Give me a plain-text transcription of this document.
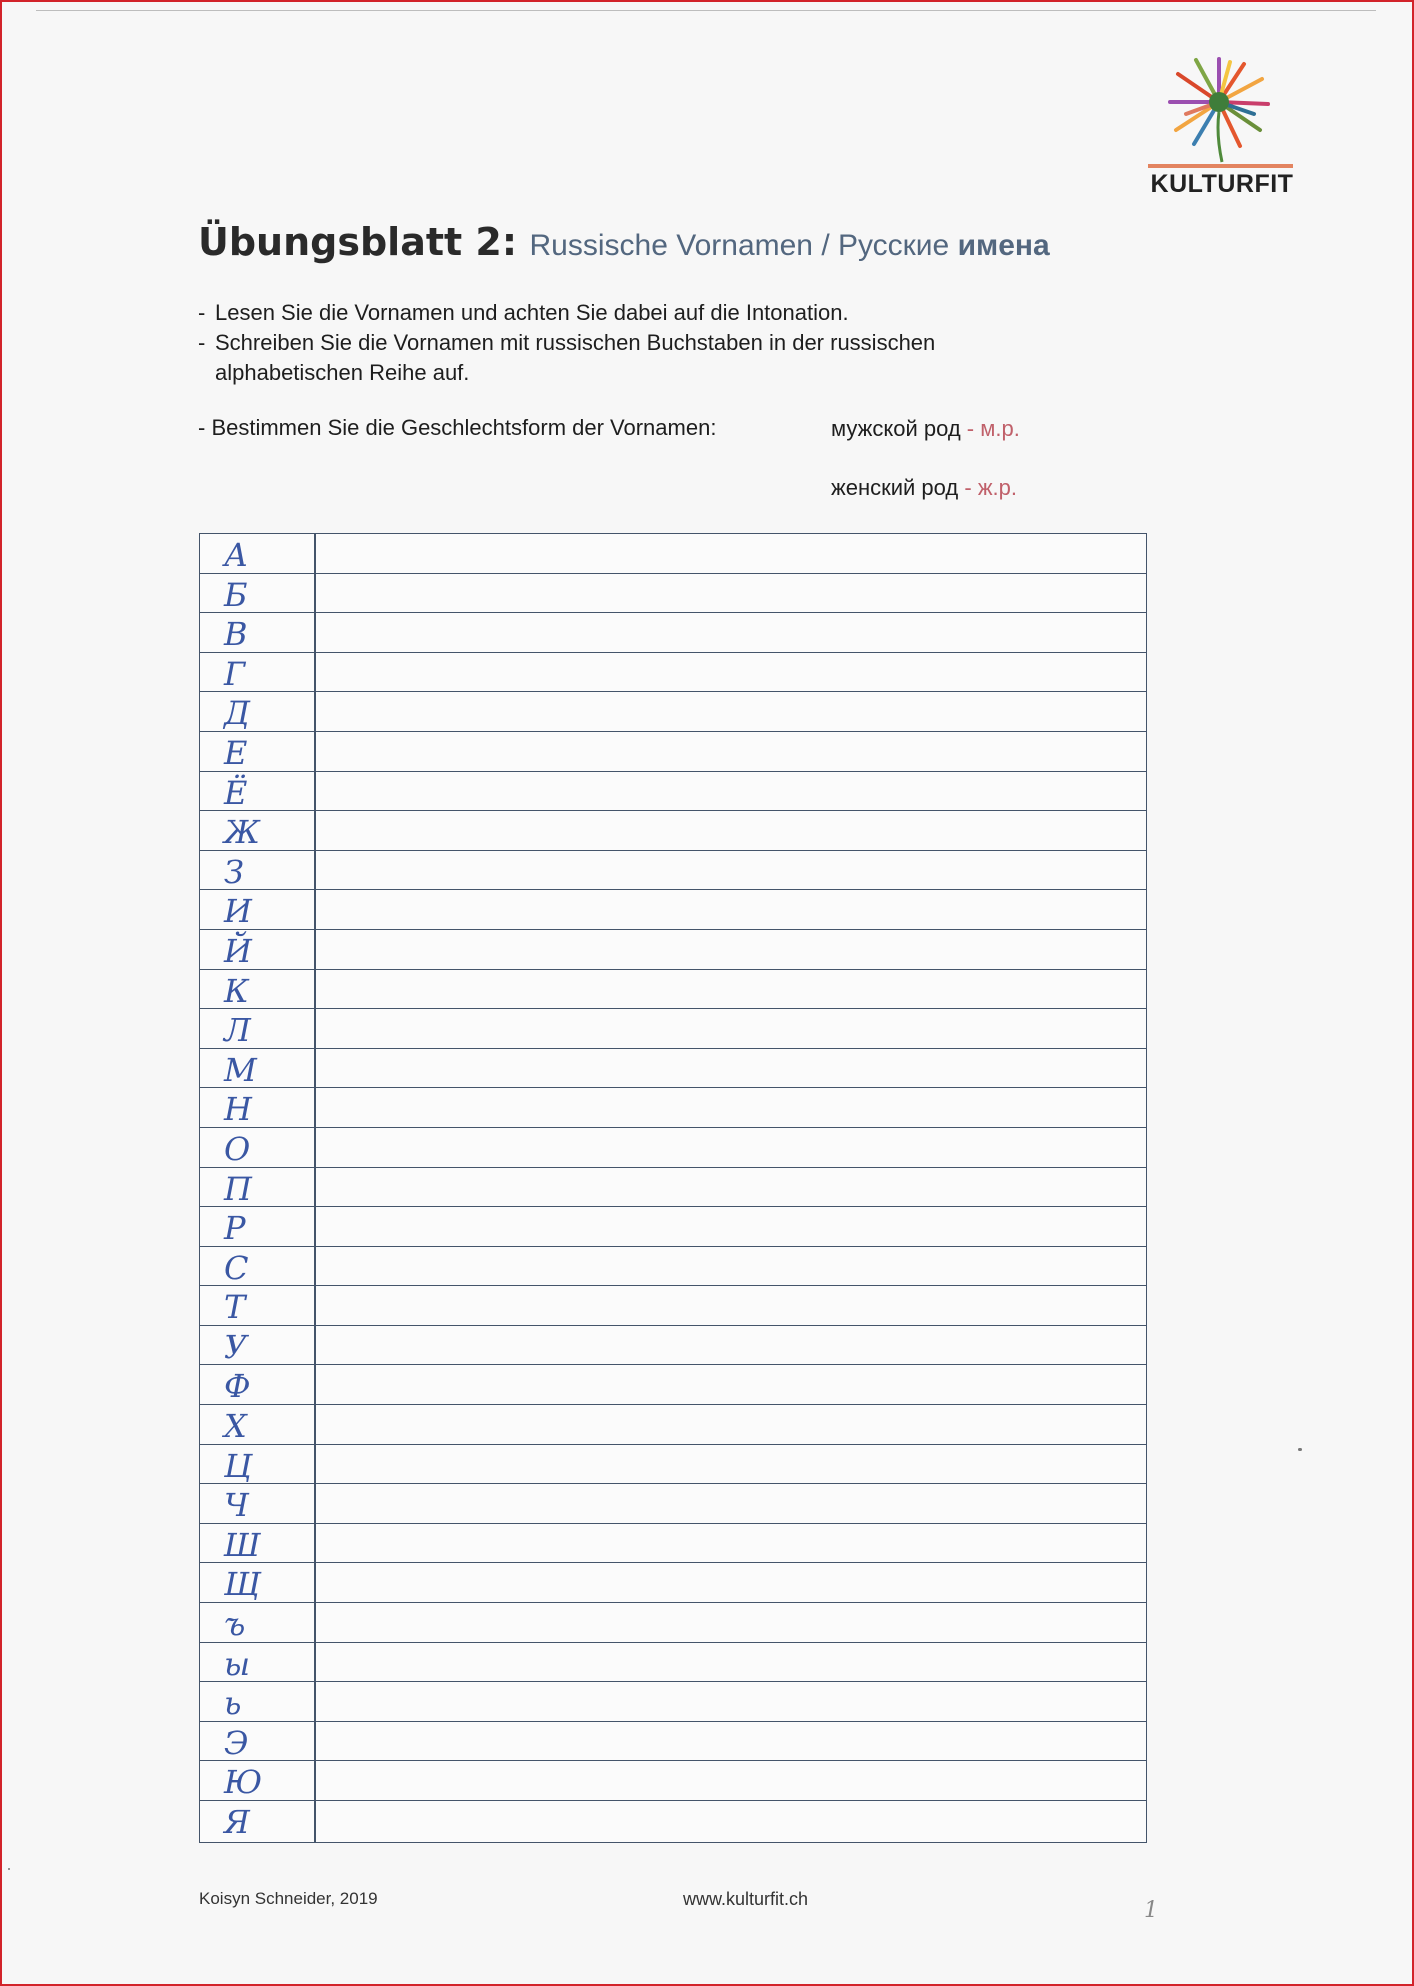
KULTURFIT
Übungsblatt 2: Russische Vornamen / Русские имена
- Lesen Sie die Vornamen und achten Sie dabei auf die Intonation.
- Schreiben Sie die Vornamen mit russischen Buchstaben in der russischen alphabetischen Reihe auf.
- Bestimmen Sie die Geschlechtsform der Vornamen:	мужской род - м.р.
женский род - ж.р.
А
Б
В
Г
Д
Е
Ё
Ж
З
И
Й
К
Л
М
Н
О
П
Р
С
Т
У
Ф
Х
Ц
Ч
Ш
Щ
ъ
ы
ь
Э
Ю
Я
Koisyn Schneider, 2019	www.kulturfit.ch	1
